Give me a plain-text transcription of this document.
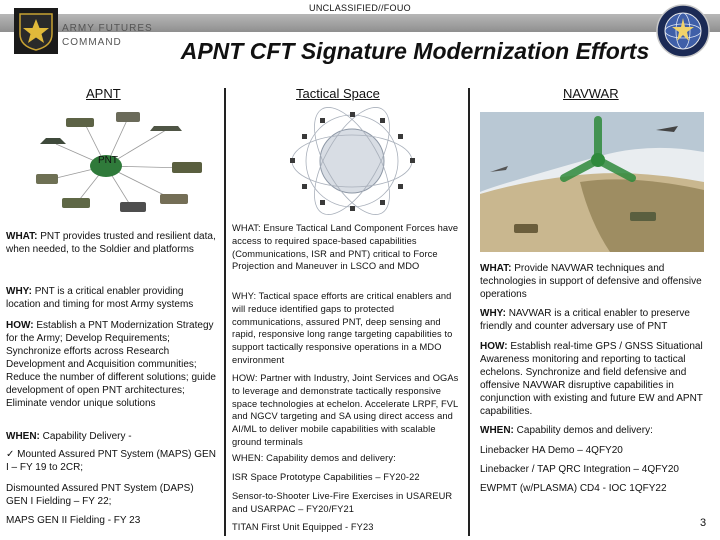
UNCLASSIFIED//FOUO
ARMY FUTURES
COMMAND	APNT CFT Signature Modernization Efforts
APNT	Tactical Space	NAVWAR
PNT
WHAT: PNT provides trusted and resilient data, when needed, to the Soldier and platforms
WHY: PNT is a critical enabler providing location and timing for most Army systems
HOW: Establish a PNT Modernization Strategy for the Army; Develop Requirements; Synchronize efforts across Research Development and Acquisition communities; Reduce the number of different solutions; guide development of open PNT architectures; Eliminate vendor unique solutions
WHEN: Capability Delivery -
✓ Mounted Assured PNT System (MAPS) GEN I – FY 19 to 2CR;
Dismounted Assured PNT System (DAPS) GEN I Fielding – FY 22;
MAPS GEN II Fielding - FY 23
WHAT: Ensure Tactical Land Component Forces have access to required space-based capabilities (Communications, ISR and PNT) critical to Force Projection and Maneuver in LSCO and MDO
WHY: Tactical space efforts are critical enablers and will reduce identified gaps to protected communications, assured PNT, deep sensing and rapid, responsive long range targeting capabilities to support tactically responsive operations in a MDO environment
HOW: Partner with Industry, Joint Services and OGAs to leverage and demonstrate tactically responsive space technologies at echelon. Accelerate LRPF, FVL and NGCV targeting and SA using direct access and AI/ML to deliver mobile capabilities with scalable ground terminals
WHEN: Capability demos and delivery:
ISR Space Prototype Capabilities – FY20-22
Sensor-to-Shooter Live-Fire Exercises in USAREUR and USARPAC – FY20/FY21
TITAN First Unit Equipped - FY23
WHAT: Provide NAVWAR techniques and technologies in support of defensive and offensive operations
WHY: NAVWAR is a critical enabler to preserve friendly and counter adversary use of PNT
HOW: Establish real-time GPS / GNSS Situational Awareness monitoring and reporting to tactical echelons. Synchronize and field defensive and offensive NAVWAR disruptive capabilities in conjunction with existing and future EW and APNT capabilities.
WHEN: Capability demos and delivery:
Linebacker HA Demo – 4QFY20
Linebacker / TAP QRC Integration – 4QFY20
EWPMT (w/PLASMA) CD4 - IOC 1QFY22
3
